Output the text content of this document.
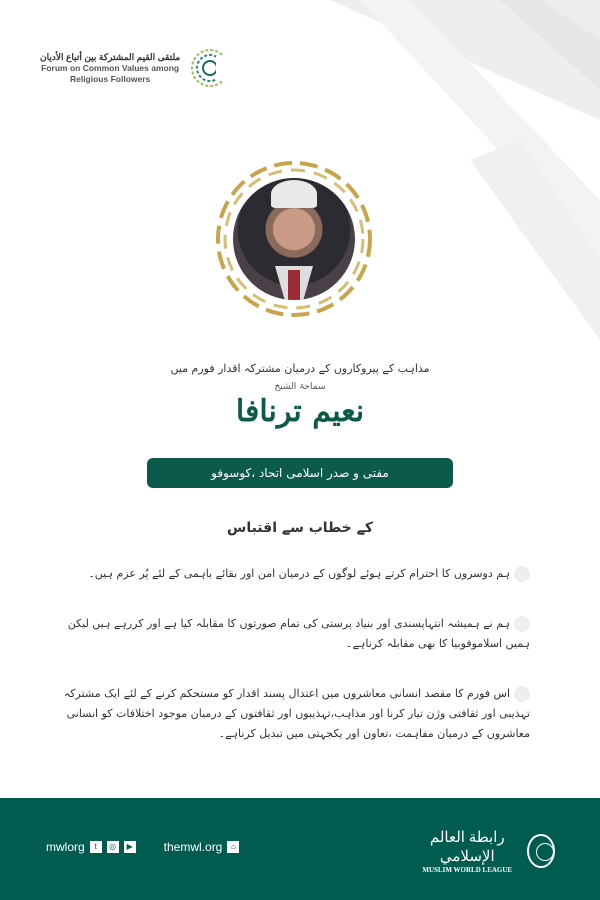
ملتقى القيم المشتركة بين أتباع الأديان
Forum on Common Values among
Religious Followers
مذاہب کے پیروکاروں کے درمیان مشترکہ اقدار فورم میں
سماحۃ الشیخ
نعیم ترنافا
مفتی و صدر اسلامی اتحاد ،کوسوفو
کے خطاب سے اقتباس
ہم دوسروں کا احترام کرتے ہوئے لوگوں کے درمیان امن اور بقائے باہمی کے لئے پُر عزم ہیں۔
ہم نے ہمیشہ انتہاپسندی اور بنیاد پرستی کی تمام صورتوں کا مقابلہ کیا ہے اور کررہے ہیں لیکن ہمیں اسلاموفوبیا کا بھی مقابلہ کرناہے۔
اس فورم کا مقصد انسانی معاشروں میں اعتدال پسند اقدار کو مستحکم کرنے کے لئے ایک مشترکہ تہذیبی اور ثقافتی وژن تیار کرنا اور مذاہب،تہذیبوں اور ثقافتوں کے درمیان موجود اختلافات کو انسانی معاشروں کے درمیان مفاہمت ،تعاون اور یکجہتی میں تبدیل کرناہے۔
mwlorg	t	◎	▶	themwl.org	⌂
رابطة العالم الإسلامي
MUSLIM WORLD LEAGUE
